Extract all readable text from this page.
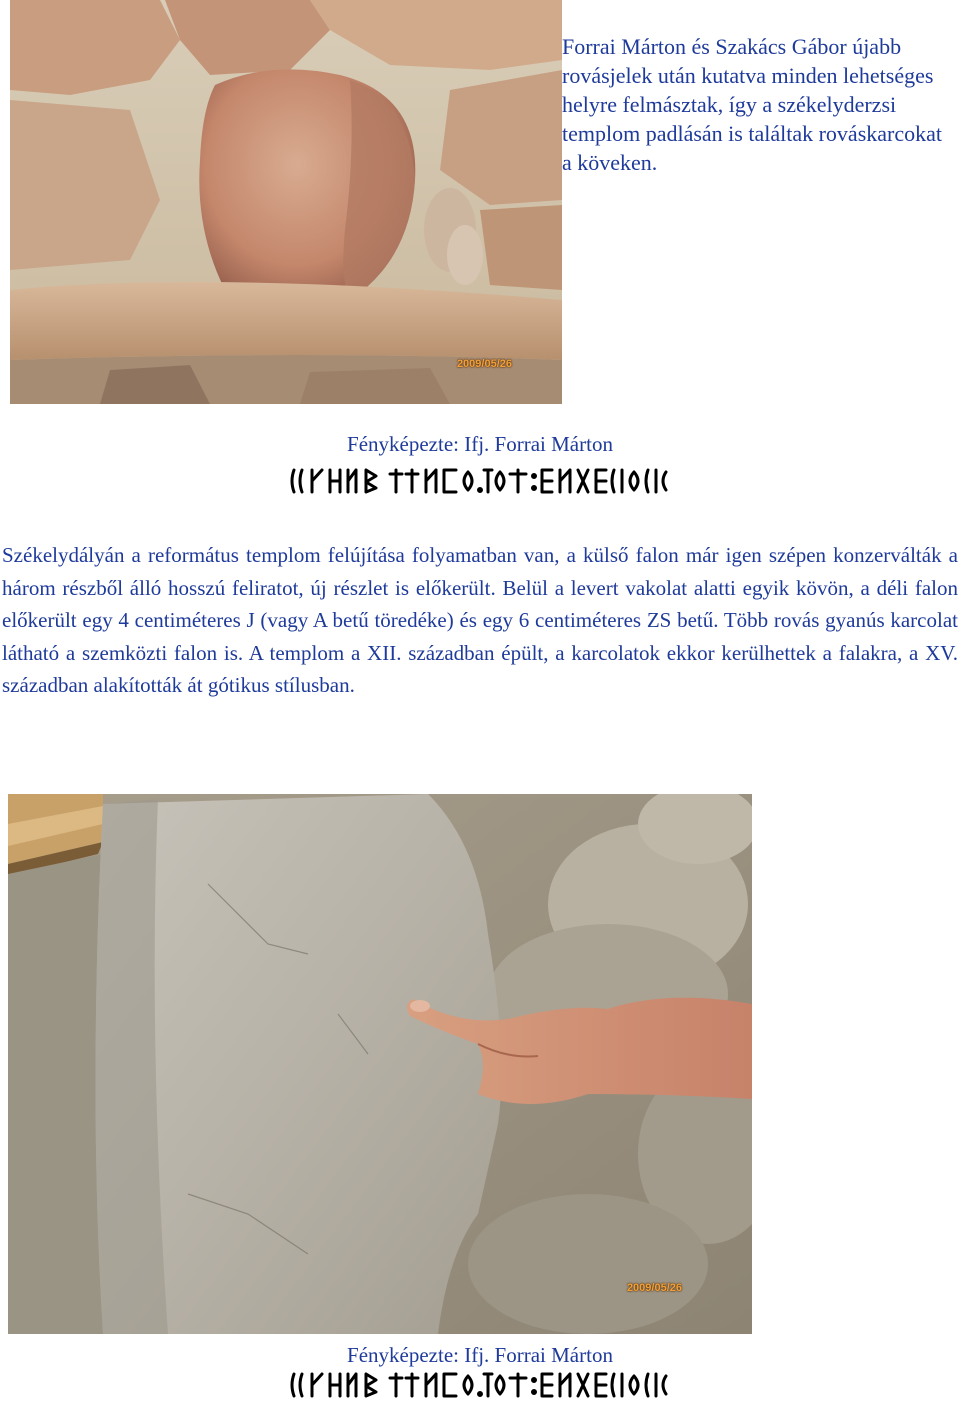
2009/05/26
Forrai Márton és Szakács Gábor újabb rovásjelek után kutatva minden lehetséges helyre felmásztak, így a székelyderzsi templom padlásán is találtak rováskarcokat a köveken.
Fényképezte: Ifj. Forrai Márton
Székelydályán a református templom felújítása folyamatban van, a külső falon már igen szépen konzerválták a három részből álló hosszú feliratot, új részlet is előkerült. Belül a levert vakolat alatti egyik kövön, a déli falon előkerült egy 4 centiméteres J (vagy A betű töredéke) és egy 6 centiméteres ZS betű. Több rovás gyanús karcolat látható a szemközti falon is. A templom a XII. században épült, a karcolatok ekkor kerülhettek a falakra, a XV. században alakították át gótikus stílusban.
2009/05/26
Fényképezte: Ifj. Forrai Márton
